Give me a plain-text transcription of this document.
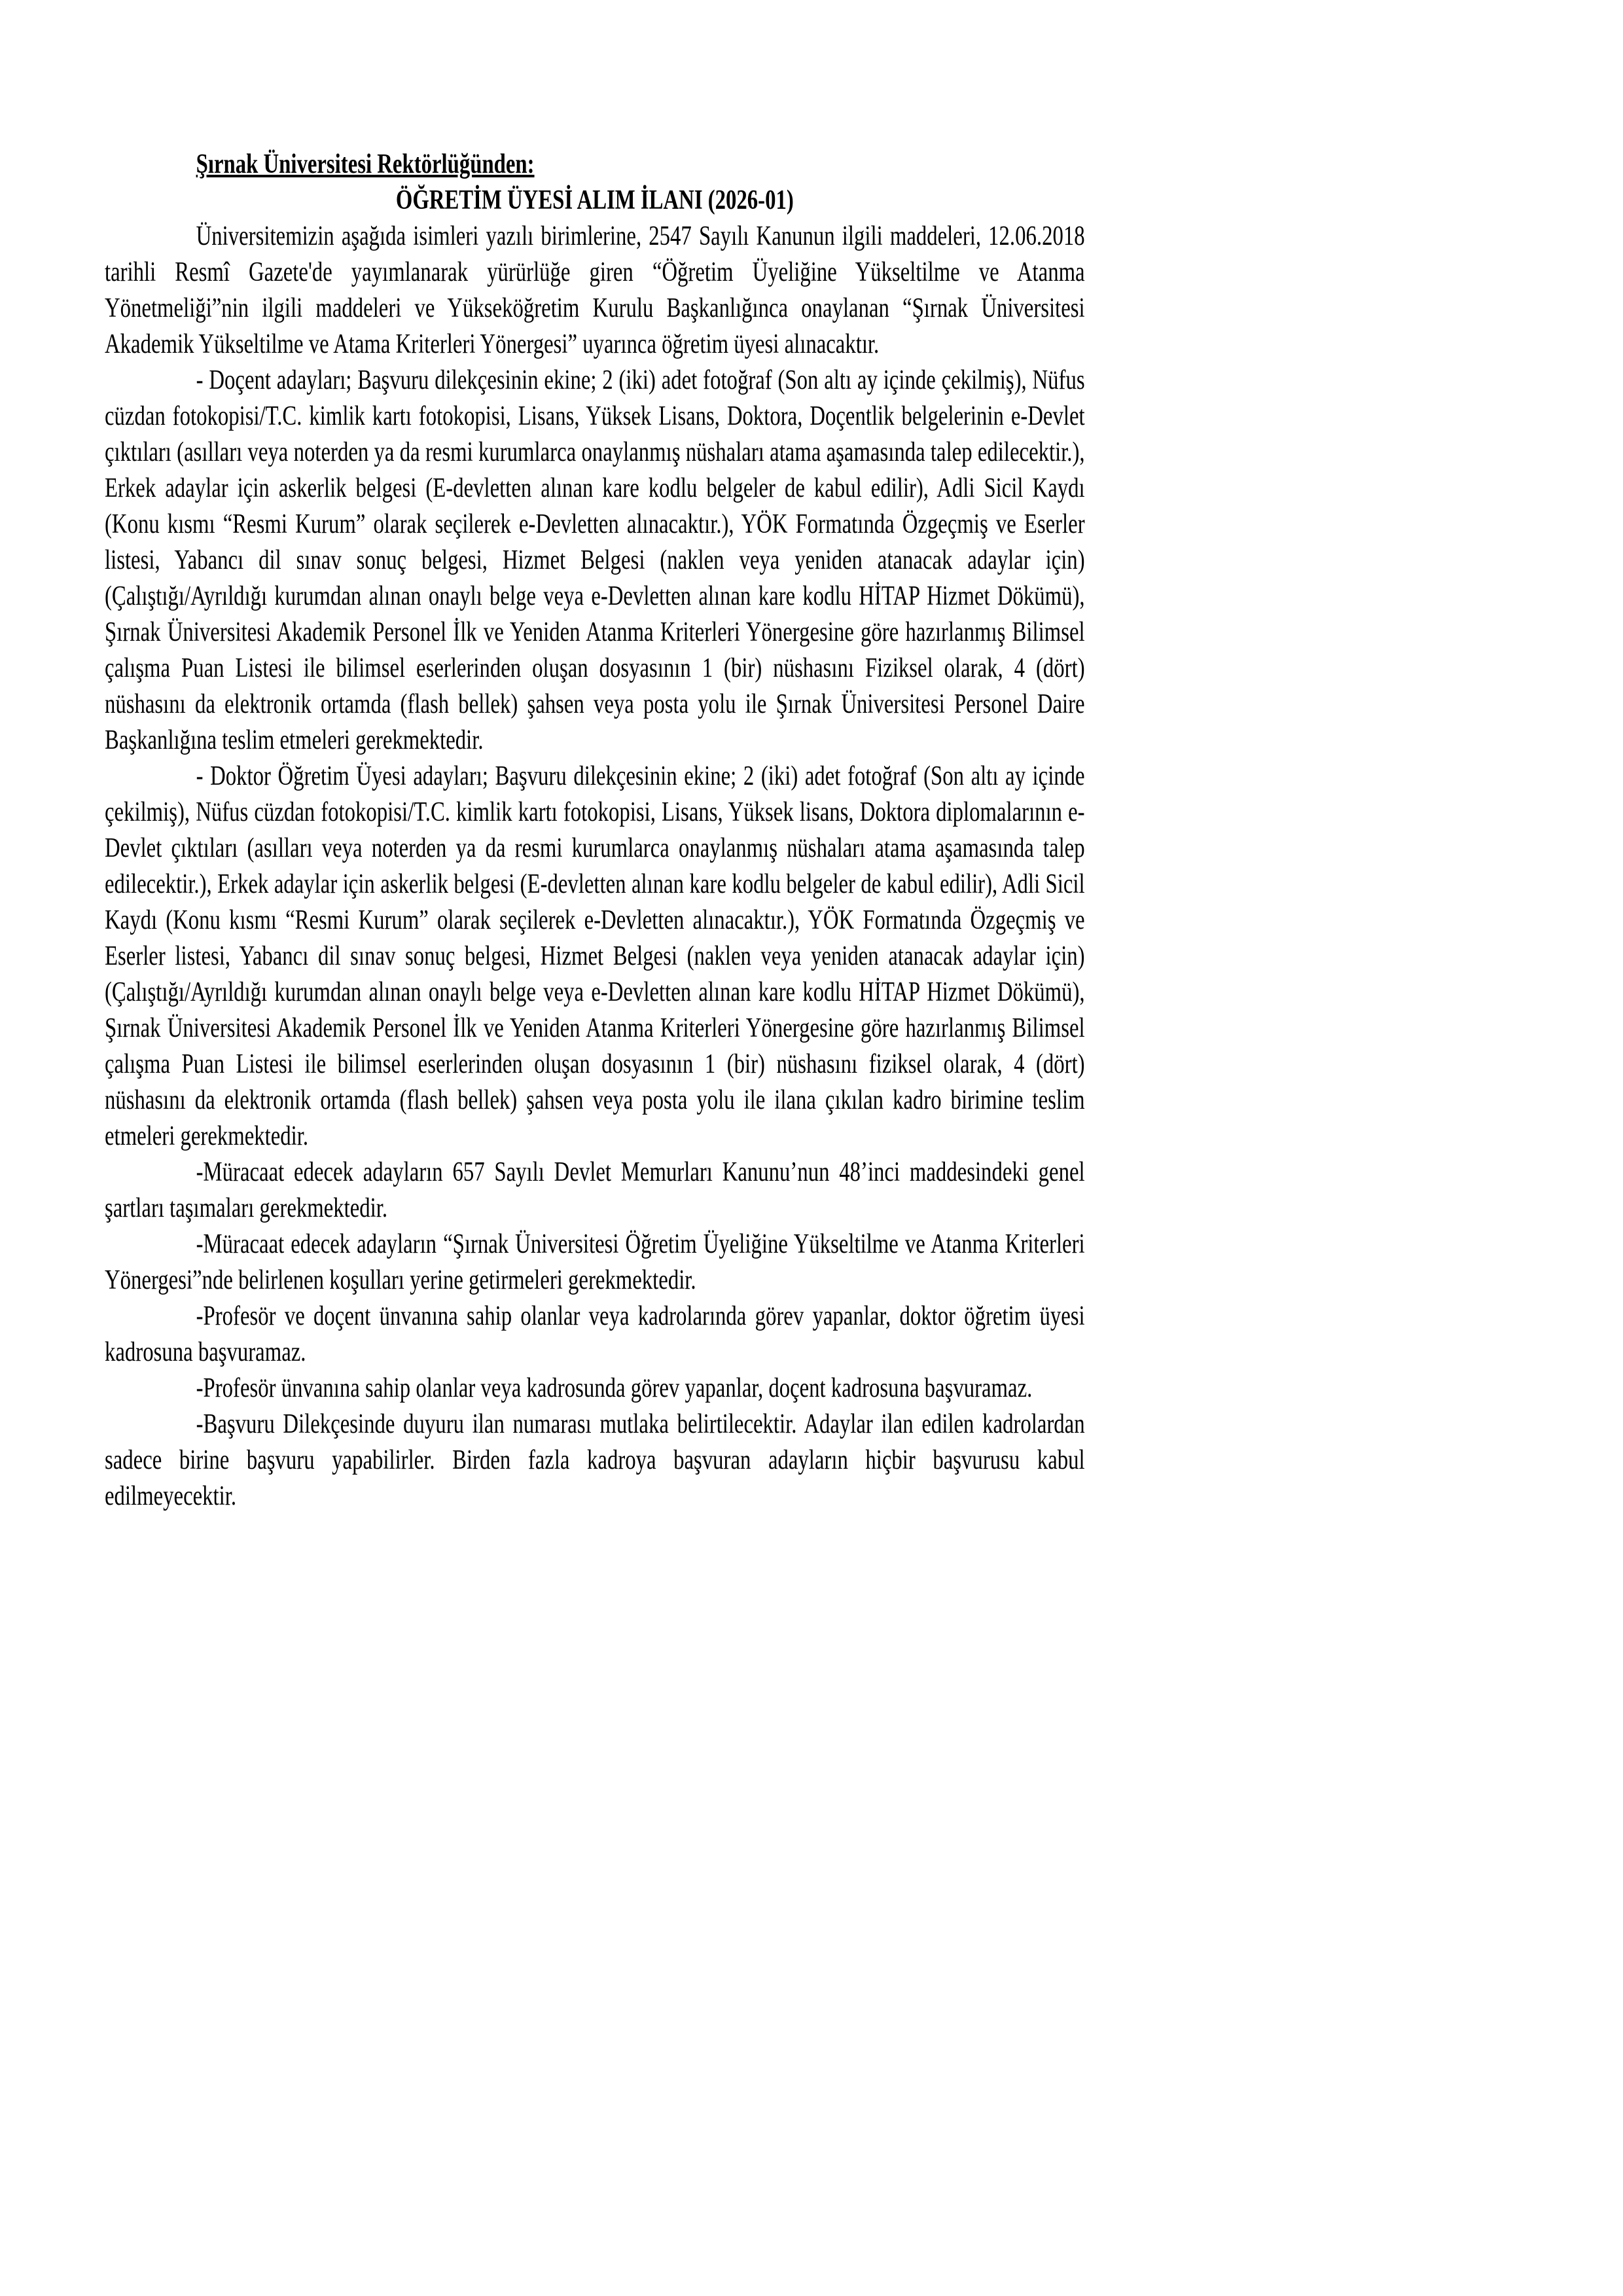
Şırnak Üniversitesi Rektörlüğünden:

ÖĞRETİM ÜYESİ ALIM İLANI (2026-01)

Üniversitemizin aşağıda isimleri yazılı birimlerine, 2547 Sayılı Kanunun ilgili maddeleri, 12.06.2018 tarihli Resmî Gazete'de yayımlanarak yürürlüğe giren “Öğretim Üyeliğine Yükseltilme ve Atanma Yönetmeliği”nin ilgili maddeleri ve Yükseköğretim Kurulu Başkanlığınca onaylanan “Şırnak Üniversitesi Akademik Yükseltilme ve Atama Kriterleri Yönergesi” uyarınca öğretim üyesi alınacaktır.

- Doçent adayları; Başvuru dilekçesinin ekine; 2 (iki) adet fotoğraf (Son altı ay içinde çekilmiş), Nüfus cüzdan fotokopisi/T.C. kimlik kartı fotokopisi, Lisans, Yüksek Lisans, Doktora, Doçentlik belgelerinin e-Devlet çıktıları (asılları veya noterden ya da resmi kurumlarca onaylanmış nüshaları atama aşamasında talep edilecektir.), Erkek adaylar için askerlik belgesi (E-devletten alınan kare kodlu belgeler de kabul edilir), Adli Sicil Kaydı (Konu kısmı “Resmi Kurum” olarak seçilerek e-Devletten alınacaktır.), YÖK Formatında Özgeçmiş ve Eserler listesi, Yabancı dil sınav sonuç belgesi, Hizmet Belgesi (naklen veya yeniden atanacak adaylar için) (Çalıştığı/Ayrıldığı kurumdan alınan onaylı belge veya e-Devletten alınan kare kodlu HİTAP Hizmet Dökümü), Şırnak Üniversitesi Akademik Personel İlk ve Yeniden Atanma Kriterleri Yönergesine göre hazırlanmış Bilimsel çalışma Puan Listesi ile bilimsel eserlerinden oluşan dosyasının 1 (bir) nüshasını Fiziksel olarak, 4 (dört) nüshasını da elektronik ortamda (flash bellek) şahsen veya posta yolu ile Şırnak Üniversitesi Personel Daire Başkanlığına teslim etmeleri gerekmektedir.

- Doktor Öğretim Üyesi adayları; Başvuru dilekçesinin ekine; 2 (iki) adet fotoğraf (Son altı ay içinde çekilmiş), Nüfus cüzdan fotokopisi/T.C. kimlik kartı fotokopisi, Lisans, Yüksek lisans, Doktora diplomalarının e-Devlet çıktıları (asılları veya noterden ya da resmi kurumlarca onaylanmış nüshaları atama aşamasında talep edilecektir.), Erkek adaylar için askerlik belgesi (E-devletten alınan kare kodlu belgeler de kabul edilir), Adli Sicil Kaydı (Konu kısmı “Resmi Kurum” olarak seçilerek e-Devletten alınacaktır.), YÖK Formatında Özgeçmiş ve Eserler listesi, Yabancı dil sınav sonuç belgesi, Hizmet Belgesi (naklen veya yeniden atanacak adaylar için) (Çalıştığı/Ayrıldığı kurumdan alınan onaylı belge veya e-Devletten alınan kare kodlu HİTAP Hizmet Dökümü), Şırnak Üniversitesi Akademik Personel İlk ve Yeniden Atanma Kriterleri Yönergesine göre hazırlanmış Bilimsel çalışma Puan Listesi ile bilimsel eserlerinden oluşan dosyasının 1 (bir) nüshasını fiziksel olarak, 4 (dört) nüshasını da elektronik ortamda (flash bellek) şahsen veya posta yolu ile ilana çıkılan kadro birimine teslim etmeleri gerekmektedir.

-Müracaat edecek adayların 657 Sayılı Devlet Memurları Kanunu’nun 48’inci maddesindeki genel şartları taşımaları gerekmektedir.

-Müracaat edecek adayların “Şırnak Üniversitesi Öğretim Üyeliğine Yükseltilme ve Atanma Kriterleri Yönergesi”nde belirlenen koşulları yerine getirmeleri gerekmektedir.

-Profesör ve doçent ünvanına sahip olanlar veya kadrolarında görev yapanlar, doktor öğretim üyesi kadrosuna başvuramaz.

-Profesör ünvanına sahip olanlar veya kadrosunda görev yapanlar, doçent kadrosuna başvuramaz.

-Başvuru Dilekçesinde duyuru ilan numarası mutlaka belirtilecektir. Adaylar ilan edilen kadrolardan sadece birine başvuru yapabilirler. Birden fazla kadroya başvuran adayların hiçbir başvurusu kabul edilmeyecektir.
